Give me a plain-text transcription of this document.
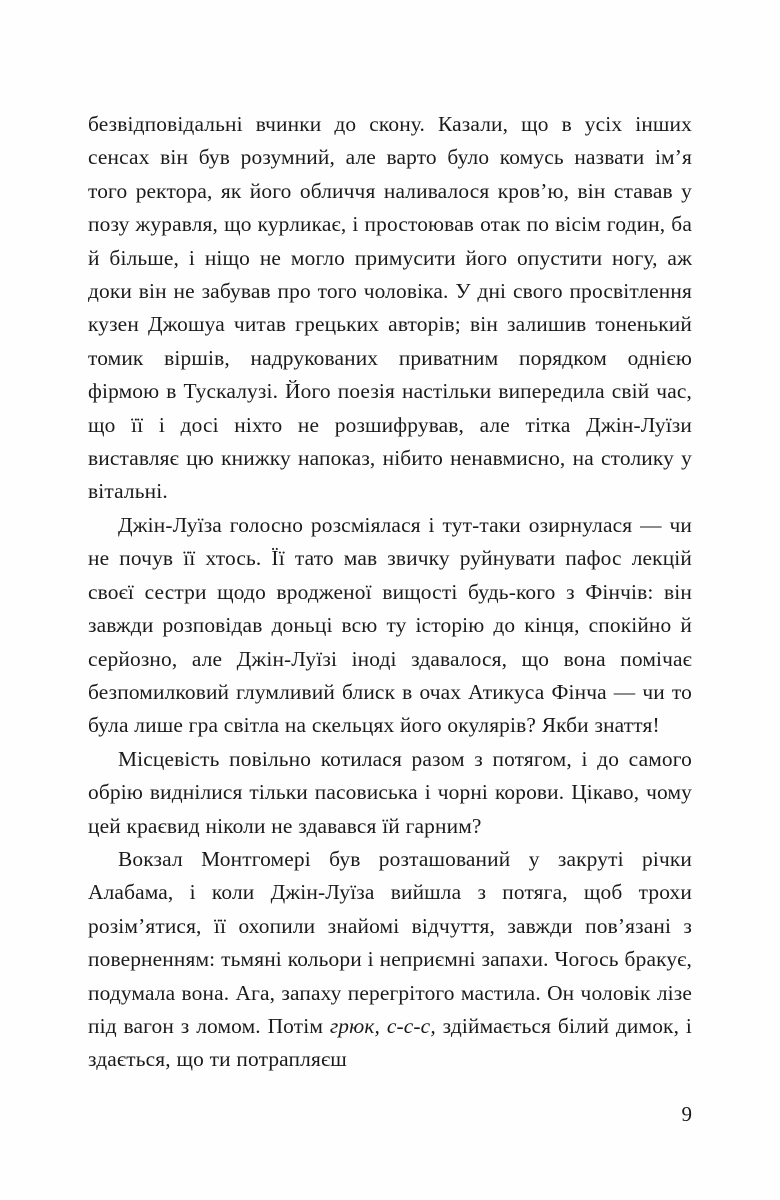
безвідповідальні вчинки до скону. Казали, що в усіх інших сенсах він був розумний, але варто було комусь назвати ім’я того ректора, як його обличчя наливалося кров’ю, він ставав у позу журавля, що курликає, і простоював отак по вісім годин, ба й більше, і ніщо не могло примусити його опустити ногу, аж доки він не забував про того чоловіка. У дні свого просвітлення кузен Джошуа читав грецьких авторів; він залишив тоненький томик віршів, надрукованих приватним порядком однією фірмою в Тускалузі. Його поезія настільки випередила свій час, що її і досі ніхто не розшифрував, але тітка Джін-Луїзи виставляє цю книжку напоказ, нібито ненавмисно, на столику у вітальні.

Джін-Луїза голосно розсміялася і тут-таки озирнулася — чи не почув її хтось. Її тато мав звичку руйнувати пафос лекцій своєї сестри щодо вродженої вищості будь-кого з Фінчів: він завжди розповідав доньці всю ту історію до кінця, спокійно й серйозно, але Джін-Луїзі іноді здавалося, що вона помічає безпомилковий глумливий блиск в очах Атикуса Фінча — чи то була лише гра світла на скельцях його окулярів? Якби знаття!

Місцевість повільно котилася разом з потягом, і до самого обрію виднілися тільки пасовиська і чорні корови. Цікаво, чому цей краєвид ніколи не здавався їй гарним?

Вокзал Монтгомері був розташований у закруті річки Алабама, і коли Джін-Луїза вийшла з потяга, щоб трохи розім’ятися, її охопили знайомі відчуття, завжди пов’язані з поверненням: тьмяні кольори і неприємні запахи. Чогось бракує, подумала вона. Ага, запаху перегрітого мастила. Он чоловік лізе під вагон з ломом. Потім грюк, с-с-с, здіймається білий димок, і здається, що ти потрапляєш

9
